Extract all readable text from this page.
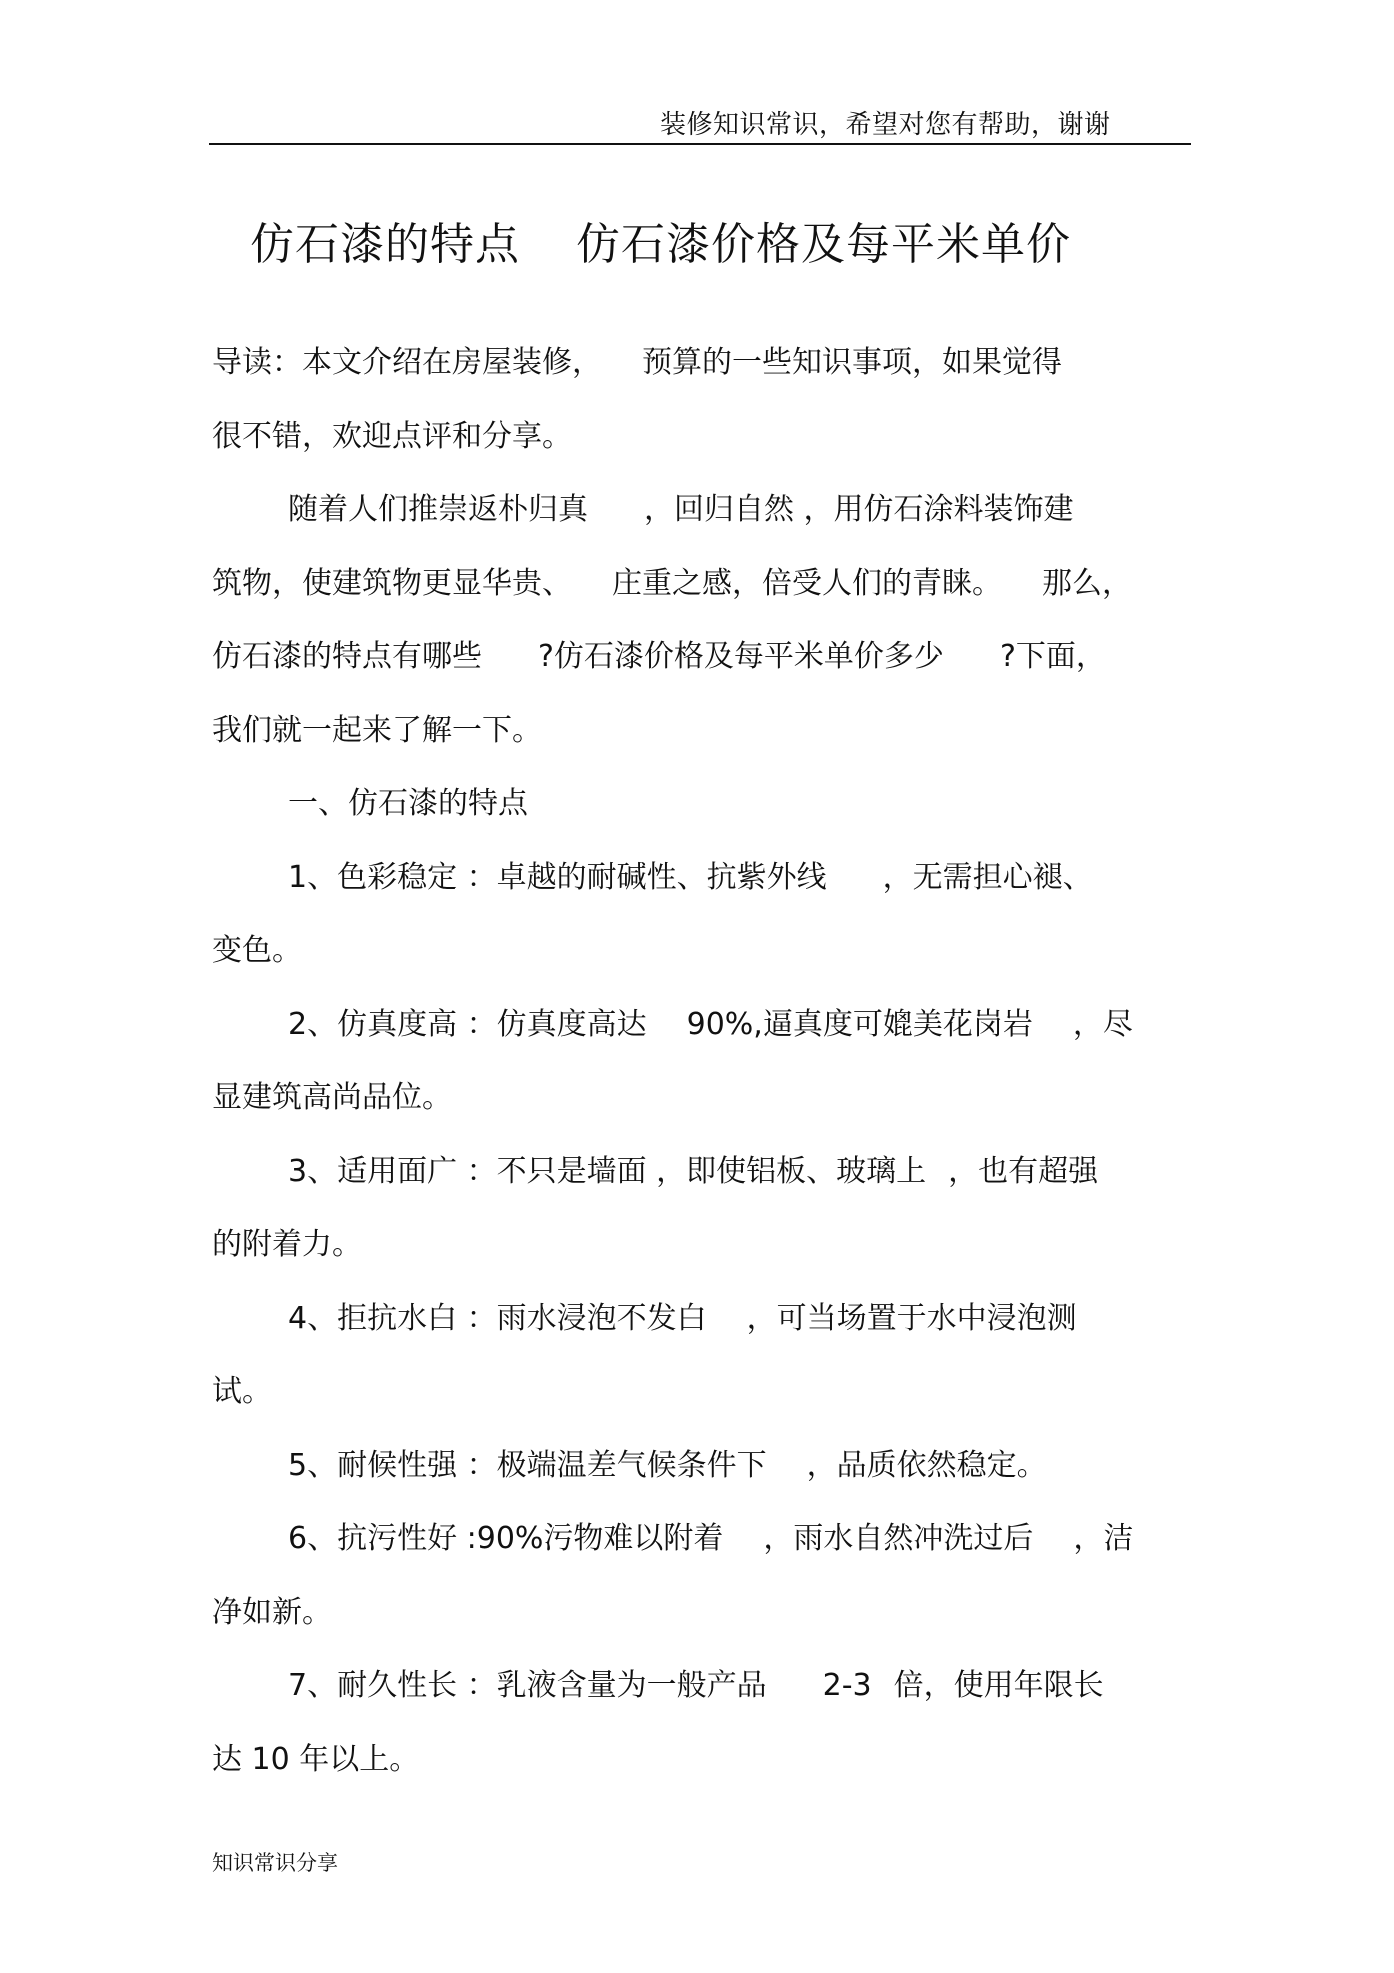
装修知识常识，希望对您有帮助，谢谢
仿石漆的特点 仿石漆价格及每平米单价

导读：本文介绍在房屋装修， 预算的一些知识事项，如果觉得

很不错，欢迎点评和分享。

随着人们推崇返朴归真 ，回归自然 ，用仿石涂料装饰建

筑物，使建筑物更显华贵、 庄重之感，倍受人们的青睐。 那么，

仿石漆的特点有哪些 ?仿石漆价格及每平米单价多少 ?下面，

我们就一起来了解一下。

一、仿石漆的特点

1、色彩稳定 ：卓越的耐碱性、抗紫外线 ，无需担心褪、

变色。

2、仿真度高 ：仿真度高达 90%,逼真度可媲美花岗岩 ，尽

显建筑高尚品位。

3、适用面广 ：不只是墙面 ，即使铝板、玻璃上 ，也有超强

的附着力。

4、拒抗水白 ：雨水浸泡不发白 ，可当场置于水中浸泡测

试。

5、耐候性强 ：极端温差气候条件下 ，品质依然稳定。

6、抗污性好 :90%污物难以附着 ，雨水自然冲洗过后 ，洁

净如新。

7、耐久性长 ：乳液含量为一般产品 2-3 倍，使用年限长

达 10 年以上。

知识常识分享
